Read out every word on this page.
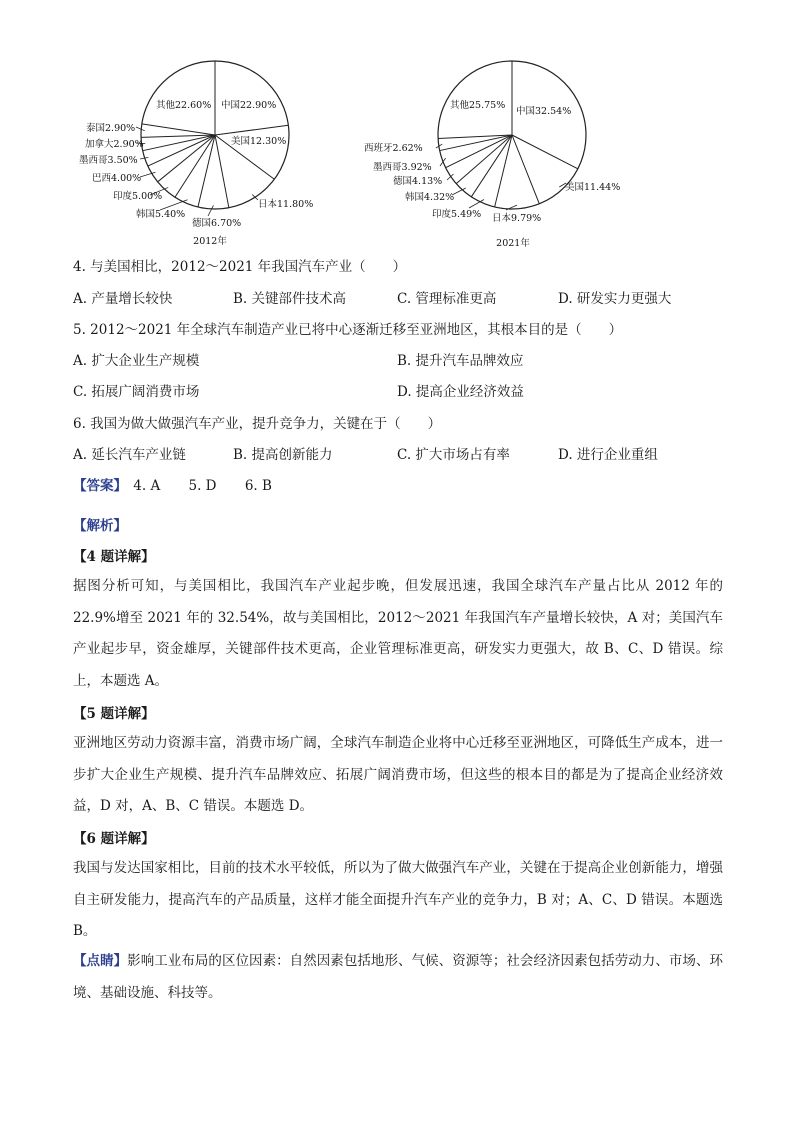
中国22.90%
美国12.30%
日本11.80%
德国6.70%
韩国5.40%
印度5.00%
巴西4.00%
墨西哥3.50%
加拿大2.90%
泰国2.90%
其他22.60%
2012年
中国32.54%
美国11.44%
日本9.79%
印度5.49%
韩国4.32%
德国4.13%
墨西哥3.92%
西班牙2.62%
其他25.75%
2021年
4. 与美国相比，2012～2021 年我国汽车产业（　　）
A. 产量增长较快	B. 关键部件技术高	C. 管理标准更高	D. 研发实力更强大
5. 2012～2021 年全球汽车制造产业已将中心逐渐迁移至亚洲地区，其根本目的是（　　）
A. 扩大企业生产规模	B. 提升汽车品牌效应
C. 拓展广阔消费市场	D. 提高企业经济效益
6. 我国为做大做强汽车产业，提升竞争力，关键在于（　　）
A. 延长汽车产业链	B. 提高创新能力	C. 扩大市场占有率	D. 进行企业重组
【答案】 4. A 5. D 6. B
【解析】
【4 题详解】
据图分析可知，与美国相比，我国汽车产业起步晚，但发展迅速，我国全球汽车产量占比从 2012 年的22.9%增至 2021 年的 32.54%，故与美国相比，2012～2021 年我国汽车产量增长较快，A 对；美国汽车产业起步早，资金雄厚，关键部件技术更高，企业管理标准更高，研发实力更强大，故 B、C、D 错误。综上，本题选 A。
【5 题详解】
亚洲地区劳动力资源丰富，消费市场广阔，全球汽车制造企业将中心迁移至亚洲地区，可降低生产成本，进一步扩大企业生产规模、提升汽车品牌效应、拓展广阔消费市场，但这些的根本目的都是为了提高企业经济效益，D 对，A、B、C 错误。本题选 D。
【6 题详解】
我国与发达国家相比，目前的技术水平较低，所以为了做大做强汽车产业，关键在于提高企业创新能力，增强自主研发能力，提高汽车的产品质量，这样才能全面提升汽车产业的竞争力，B 对；A、C、D 错误。本题选 B。
【点睛】影响工业布局的区位因素：自然因素包括地形、气候、资源等；社会经济因素包括劳动力、市场、环境、基础设施、科技等。
